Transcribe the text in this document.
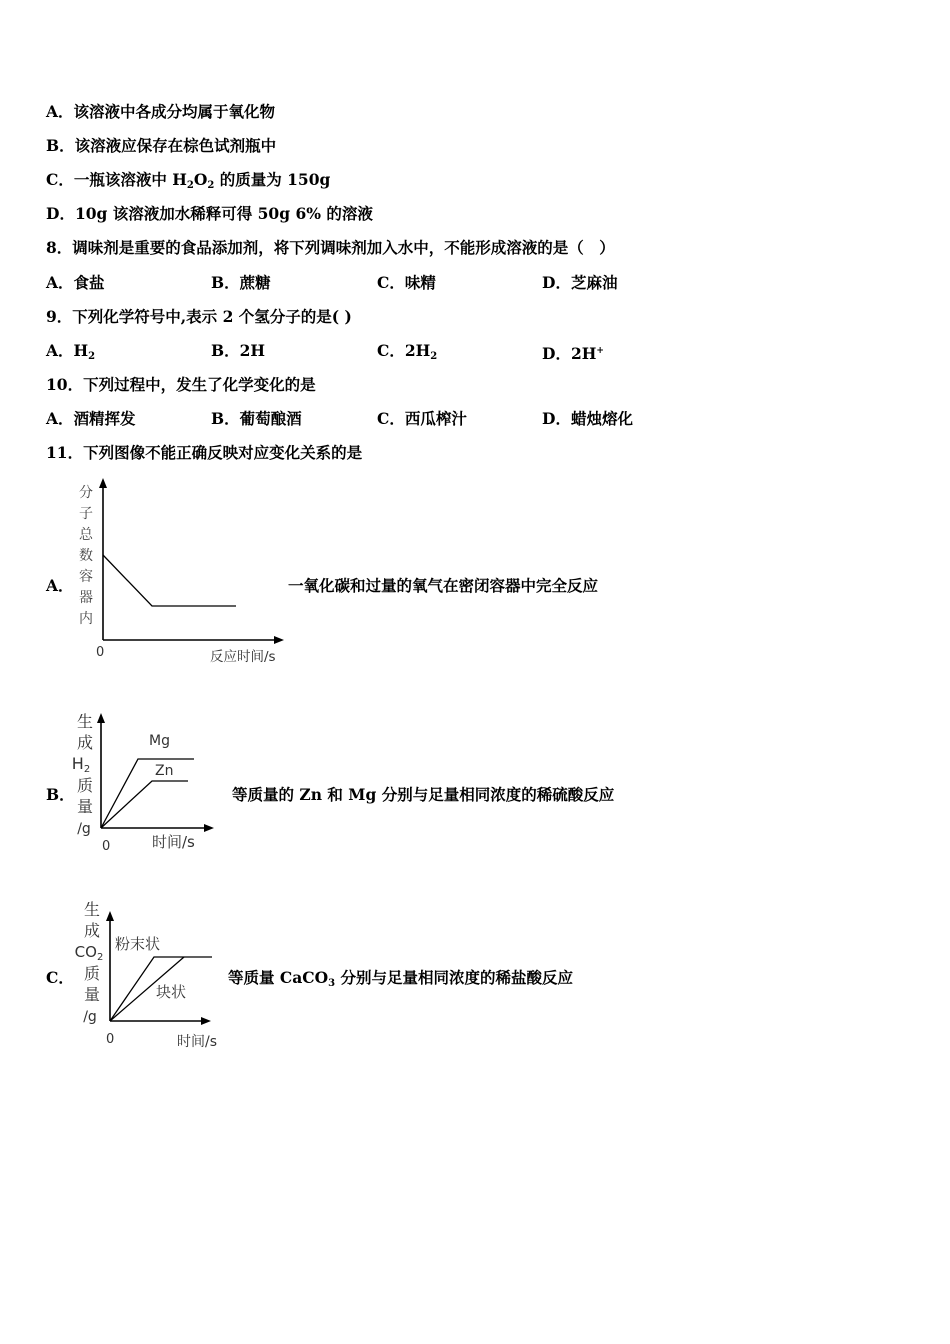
A．该溶液中各成分均属于氧化物
B．该溶液应保存在棕色试剂瓶中
C．一瓶该溶液中 $H_2O_2$ 的质量为 150g
D．10g 该溶液加水稀释可得 50g 6% 的溶液
8．调味剂是重要的食品添加剂，将下列调味剂加入水中，不能形成溶液的是（　）
A．食盐	B．蔗糖	C．味精	D．芝麻油
9．下列化学符号中,表示 2 个氢分子的是( )
A．$H_2$	B．2H	C．$2H_2$	D．2H+
10．下列过程中，发生了化学变化的是
A．酒精挥发	B．葡萄酿酒	C．西瓜榨汁	D．蜡烛熔化
11．下列图像不能正确反映对应变化关系的是
A．
分
子
总
数
容
器
内
0	反应时间/s
一氧化碳和过量的氧气在密闭容器中完全反应
B．
生
成
H2
质
量
/g
Mg
Zn
0	时间/s
等质量的 Zn 和 Mg 分别与足量相同浓度的稀硫酸反应
C．
生
成
$CO_2$
质
量
/g
粉末状
块状
0	时间/s
等质量 CaCO$_3$ 分别与足量相同浓度的稀盐酸反应
